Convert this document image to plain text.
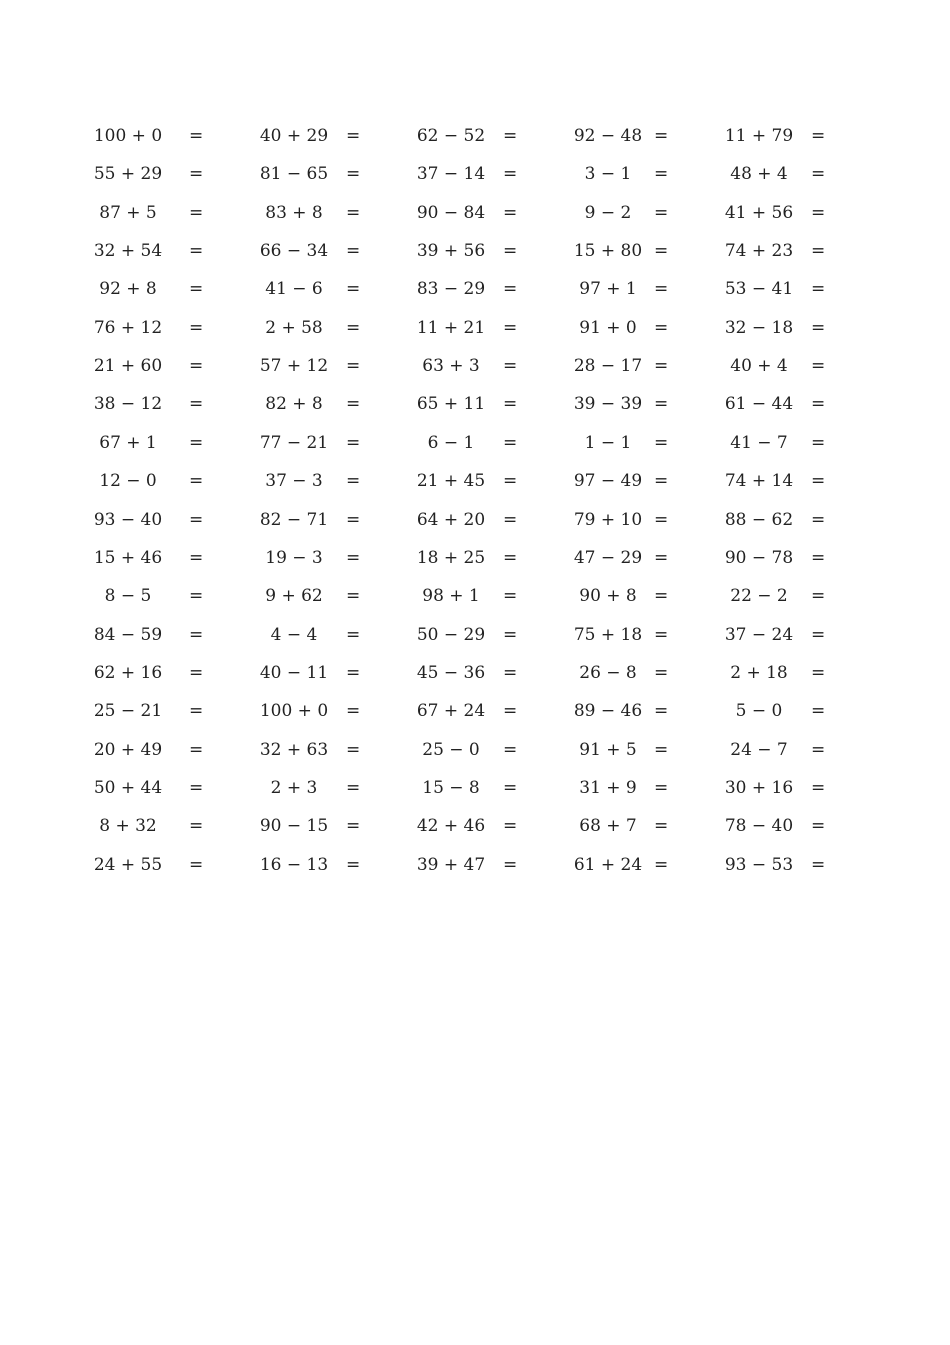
100 + 0	=	40 + 29	=	62 − 52	=	92 − 48 =	11 + 79	=
55 + 29	=	81 − 65	=	37 − 14	=	3 − 1	=	48 + 4	=
87 + 5	=	83 + 8	=	90 − 84	=	9 − 2	=	41 + 56	=
32 + 54	=	66 − 34	=	39 + 56	=	15 + 80 =	74 + 23	=
92 + 8	=	41 − 6	=	83 − 29	=	97 + 1	=	53 − 41	=
76 + 12	=	2 + 58	=	11 + 21	=	91 + 0	=	32 − 18	=
21 + 60	=	57 + 12	=	63 + 3	=	28 − 17 =	40 + 4	=
38 − 12	=	82 + 8	=	65 + 11	=	39 − 39 =	61 − 44	=
67 + 1	=	77 − 21	=	6 − 1	=	1 − 1	=	41 − 7	=
12 − 0	=	37 − 3	=	21 + 45	=	97 − 49 =	74 + 14	=
93 − 40	=	82 − 71	=	64 + 20	=	79 + 10 =	88 − 62	=
15 + 46	=	19 − 3	=	18 + 25	=	47 − 29 =	90 − 78	=
8 − 5	=	9 + 62	=	98 + 1	=	90 + 8	=	22 − 2	=
84 − 59	=	4 − 4	=	50 − 29	=	75 + 18 =	37 − 24	=
62 + 16	=	40 − 11	=	45 − 36	=	26 − 8	=	2 + 18	=
25 − 21	=	100 + 0	=	67 + 24	=	89 − 46 =	5 − 0	=
20 + 49	=	32 + 63	=	25 − 0	=	91 + 5	=	24 − 7	=
50 + 44	=	2 + 3	=	15 − 8	=	31 + 9	=	30 + 16	=
8 + 32	=	90 − 15	=	42 + 46	=	68 + 7	=	78 − 40	=
24 + 55	=	16 − 13	=	39 + 47	=	61 + 24 =	93 − 53	=
